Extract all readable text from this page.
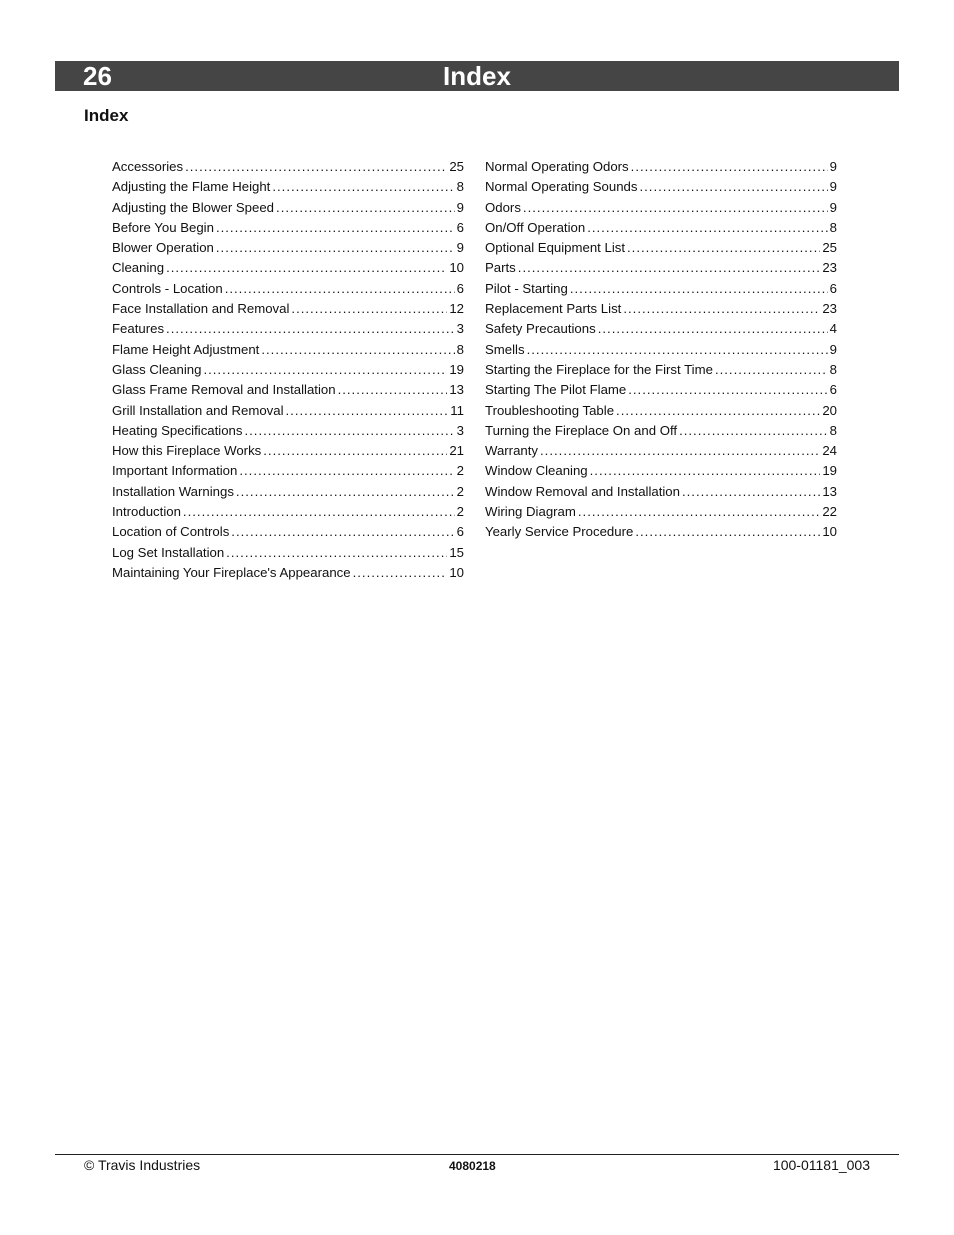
Index
26
Index
Accessories .....	25
Adjusting the Flame Height .....	8
Adjusting the Blower Speed .....	9
Before You Begin .....	6
Blower Operation .....	9
Cleaning .....	10
Controls - Location .....	6
Face Installation and Removal .....	12
Features .....	3
Flame Height Adjustment .....	8
Glass Cleaning .....	19
Glass Frame Removal and Installation .....	13
Grill Installation and Removal .....	11
Heating Specifications .....	3
How this Fireplace Works .....	21
Important Information .....	2
Installation Warnings .....	2
Introduction .....	2
Location of Controls .....	6
Log Set Installation .....	15
Maintaining Your Fireplace's Appearance .....	10
Normal Operating Odors .....	9
Normal Operating Sounds .....	9
Odors .....	9
On/Off Operation .....	8
Optional Equipment List .....	25
Parts .....	23
Pilot - Starting .....	6
Replacement Parts List .....	23
Safety Precautions .....	4
Smells .....	9
Starting the Fireplace for the First Time .....	8
Starting The Pilot Flame .....	6
Troubleshooting Table .....	20
Turning the Fireplace On and Off .....	8
Warranty .....	24
Window Cleaning .....	19
Window Removal and Installation .....	13
Wiring Diagram .....	22
Yearly Service Procedure .....	10
© Travis Industries	4080218	100-01181_003
